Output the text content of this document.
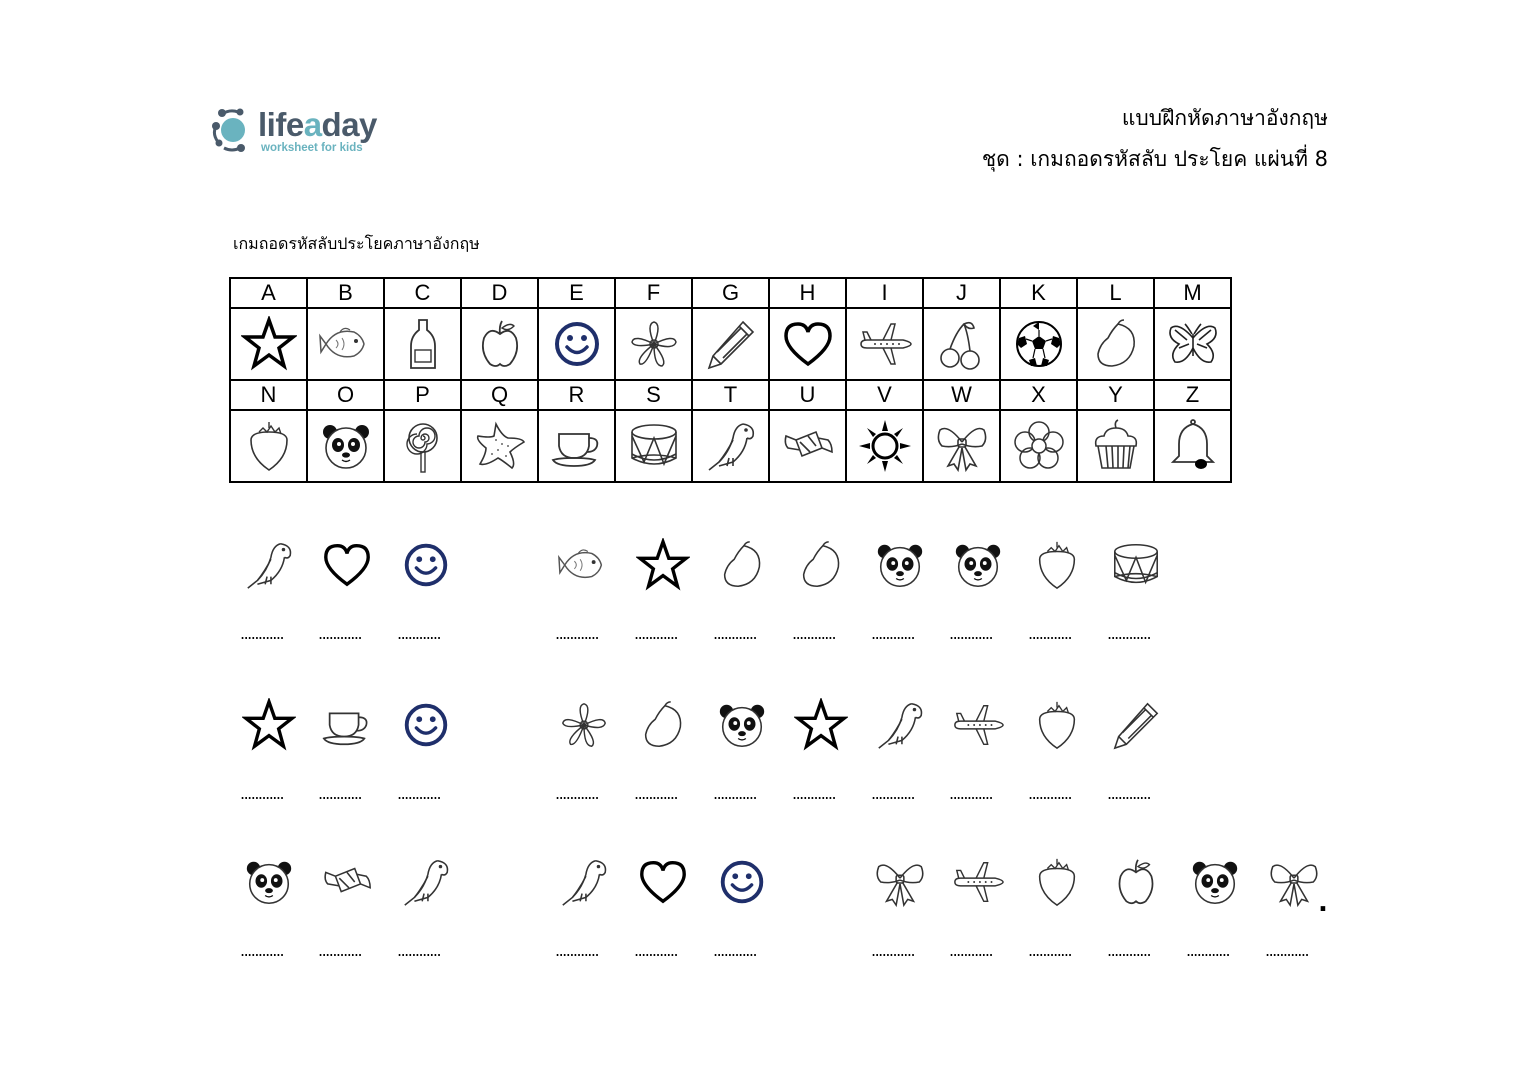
lifeaday
worksheet for kids
แบบฝึกหัดภาษาอังกฤษ
ชุด : เกมถอดรหัสลับ ประโยค แผ่นที่ 8
เกมถอดรหัสลับประโยคภาษาอังกฤษ
A	B	C	D	E	F	G	H	I	J	K	L	M

N	O	P	Q	R	S	T	U	V	W	X	Y	Z

............ ............ ............	............ ............ ............ ............ ............ ............ ............ ............
............ ............ ............	............ ............ ............ ............ ............ ............ ............ ............
............ ............ ............	............ ............ ............	............ ............ ............ ............ ............ ............
.
